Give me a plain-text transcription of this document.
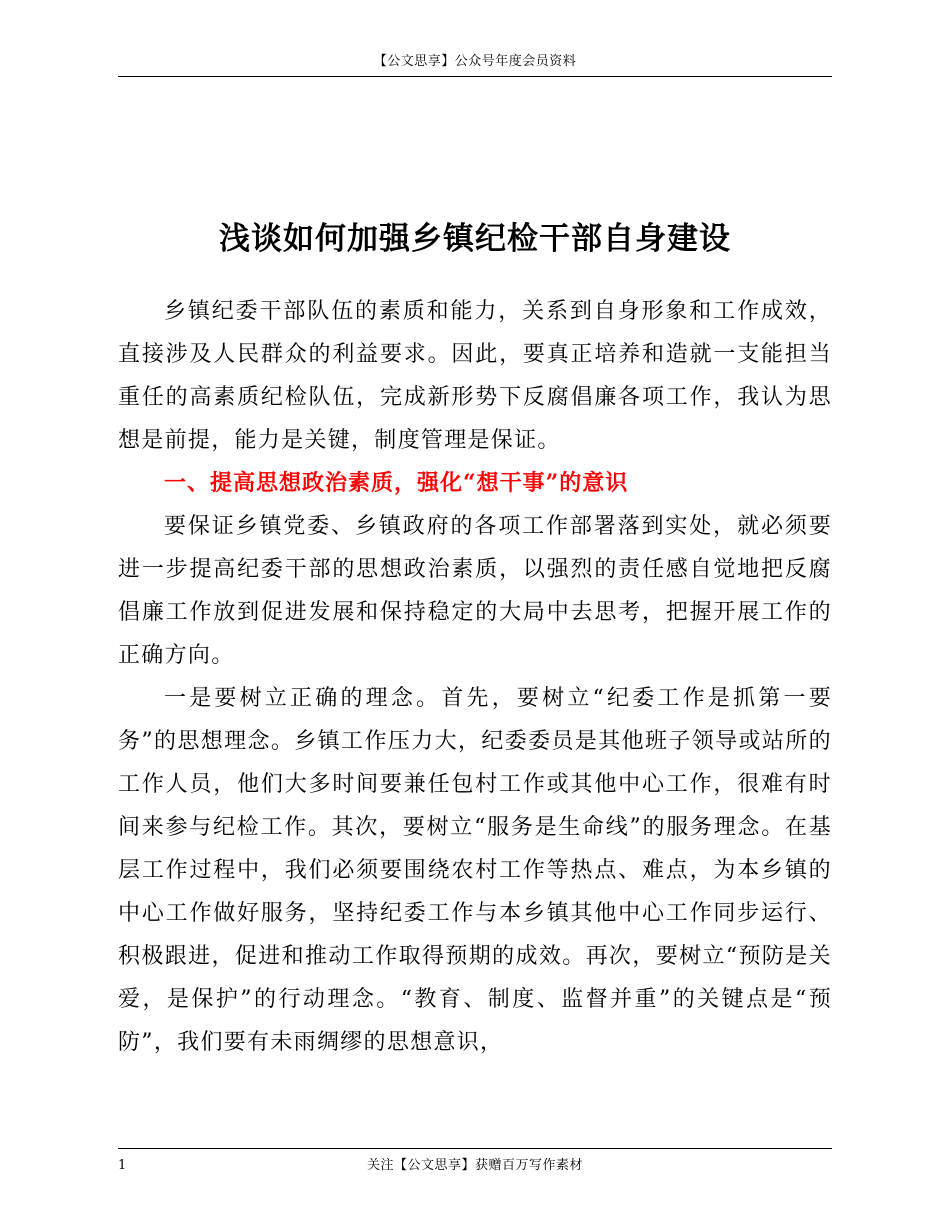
【公文思享】公众号年度会员资料
浅谈如何加强乡镇纪检干部自身建设

乡镇纪委干部队伍的素质和能力，关系到自身形象和工作成效，直接涉及人民群众的利益要求。因此，要真正培养和造就一支能担当重任的高素质纪检队伍，完成新形势下反腐倡廉各项工作，我认为思想是前提，能力是关键，制度管理是保证。

一、提高思想政治素质，强化“想干事”的意识

要保证乡镇党委、乡镇政府的各项工作部署落到实处，就必须要进一步提高纪委干部的思想政治素质，以强烈的责任感自觉地把反腐倡廉工作放到促进发展和保持稳定的大局中去思考，把握开展工作的正确方向。

一是要树立正确的理念。首先，要树立“纪委工作是抓第一要务”的思想理念。乡镇工作压力大，纪委委员是其他班子领导或站所的工作人员，他们大多时间要兼任包村工作或其他中心工作，很难有时间来参与纪检工作。其次，要树立“服务是生命线”的服务理念。在基层工作过程中，我们必须要围绕农村工作等热点、难点，为本乡镇的中心工作做好服务，坚持纪委工作与本乡镇其他中心工作同步运行、积极跟进，促进和推动工作取得预期的成效。再次，要树立“预防是关爱，是保护”的行动理念。“教育、制度、监督并重”的关键点是“预防”，我们要有未雨绸缪的思想意识，

1	关注【公文思享】获赠百万写作素材
